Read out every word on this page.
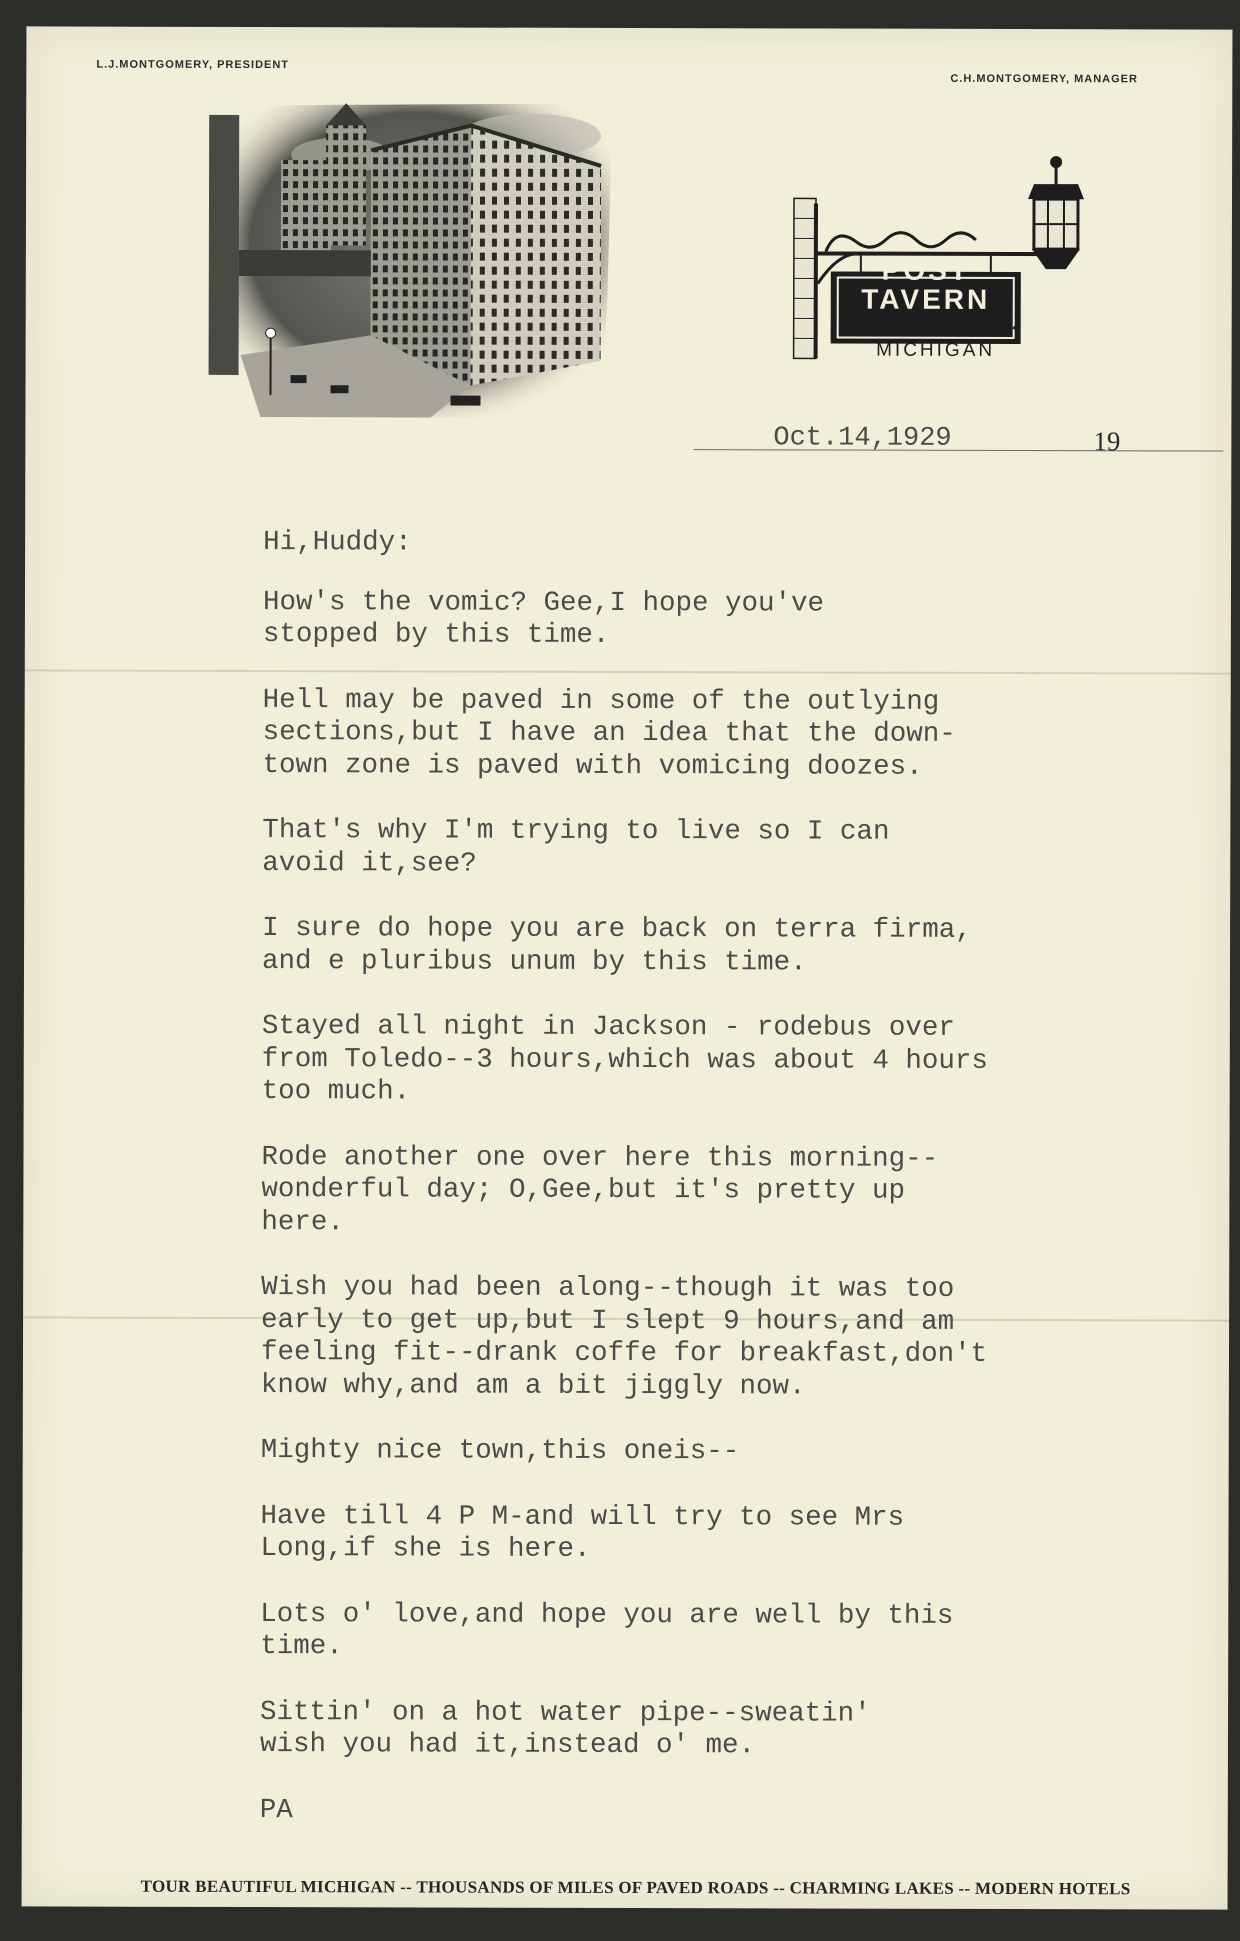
L.J.MONTGOMERY, PRESIDENT
C.H.MONTGOMERY, MANAGER
POST
TAVERN
BATTLE CREEK
MICHIGAN
Oct.14,1929	19

Hi,Huddy:

How's the vomic? Gee,I hope you've
stopped by this time.

Hell may be paved in some of the outlying
sections,but I have an idea that the down-
town zone is paved with vomicing doozes.

That's why I'm trying to live so I can
avoid it,see?

I sure do hope you are back on terra firma,
and e pluribus unum by this time.

Stayed all night in Jackson - rodebus over
from Toledo--3 hours,which was about 4 hours
too much.

Rode another one over here this morning--
wonderful day; O,Gee,but it's pretty up
here.

Wish you had been along--though it was too
early to get up,but I slept 9 hours,and am
feeling fit--drank coffe for breakfast,don't
know why,and am a bit jiggly now.

Mighty nice town,this oneis--

Have till 4 P M-and will try to see Mrs
Long,if she is here.

Lots o' love,and hope you are well by this
time.

Sittin' on a hot water pipe--sweatin'
wish you had it,instead o' me.

PA

TOUR BEAUTIFUL MICHIGAN -- THOUSANDS OF MILES OF PAVED ROADS -- CHARMING LAKES -- MODERN HOTELS
